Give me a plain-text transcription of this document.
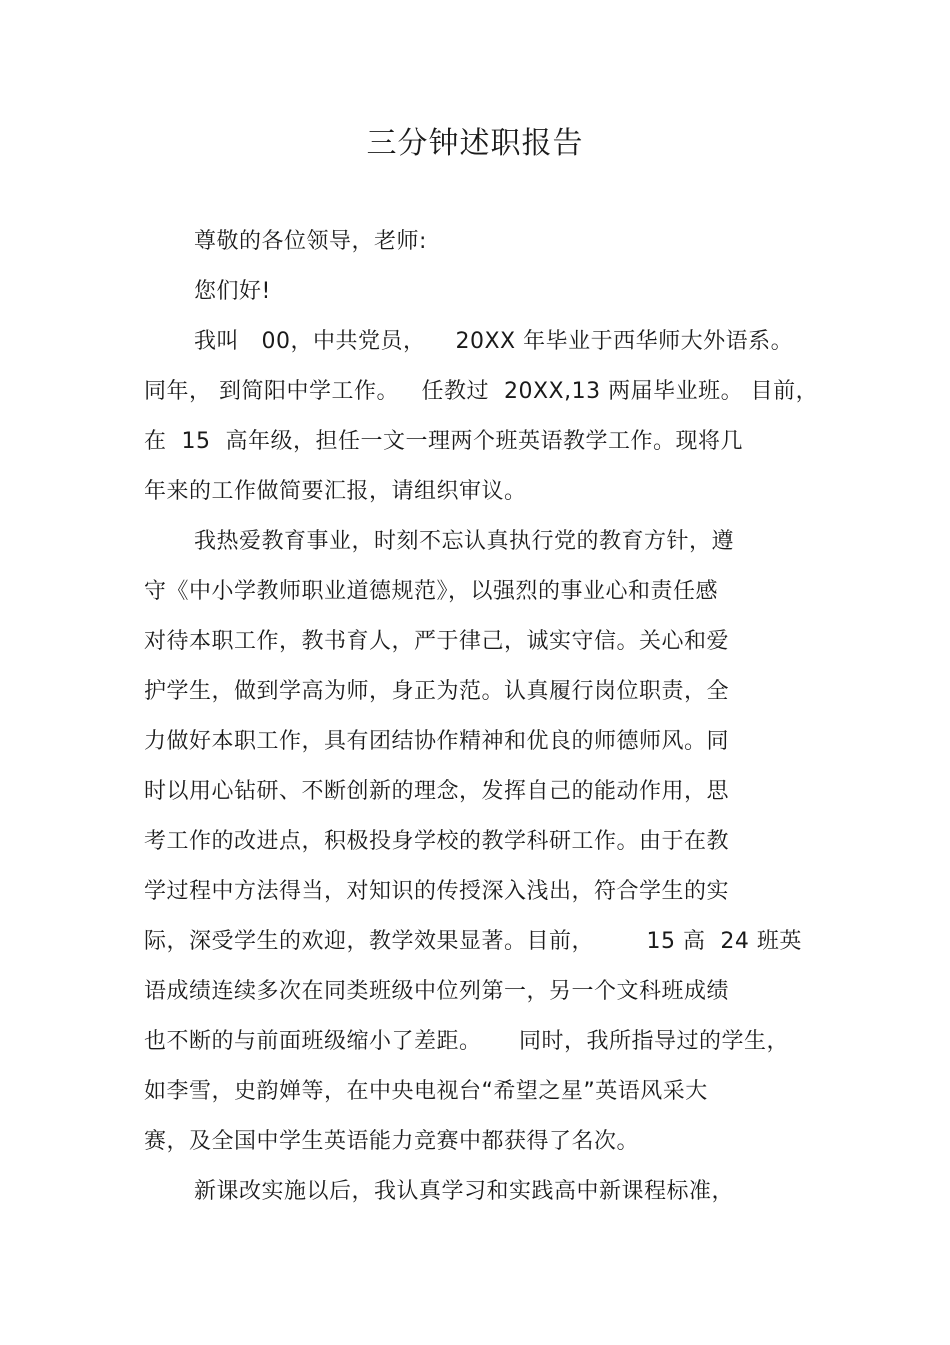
三分钟述职报告
尊敬的各位领导，老师:
您们好!
我叫   00，中共党员，    20XX 年毕业于西华师大外语系。
同年， 到简阳中学工作。   任教过  20XX,13 两届毕业班。 目前，
在  15  高年级，担任一文一理两个班英语教学工作。现将几
年来的工作做简要汇报，请组织审议。
我热爱教育事业，时刻不忘认真执行党的教育方针，遵
守《中小学教师职业道德规范》，以强烈的事业心和责任感
对待本职工作，教书育人，严于律己，诚实守信。关心和爱
护学生，做到学高为师，身正为范。认真履行岗位职责，全
力做好本职工作，具有团结协作精神和优良的师德师风。同
时以用心钻研、不断创新的理念，发挥自己的能动作用，思
考工作的改进点，积极投身学校的教学科研工作。由于在教
学过程中方法得当，对知识的传授深入浅出，符合学生的实
际，深受学生的欢迎，教学效果显著。目前，       15 高  24 班英
语成绩连续多次在同类班级中位列第一，另一个文科班成绩
也不断的与前面班级缩小了差距。     同时，我所指导过的学生，
如李雪，史韵婵等，在中央电视台“希望之星”英语风采大
赛，及全国中学生英语能力竞赛中都获得了名次。
新课改实施以后，我认真学习和实践高中新课程标准，
